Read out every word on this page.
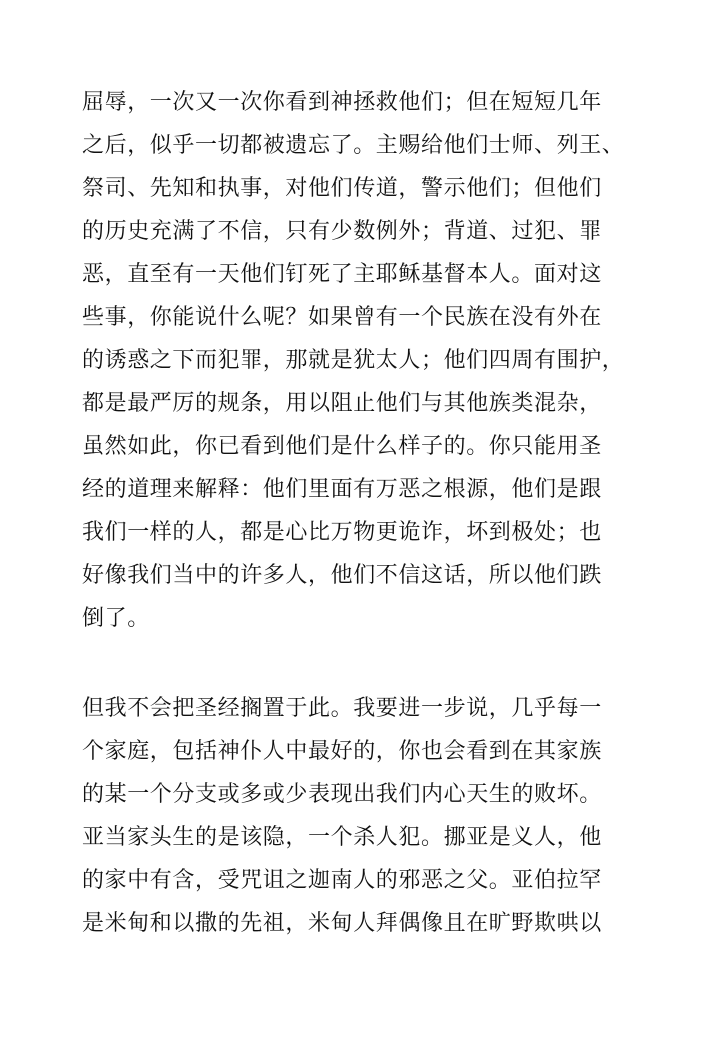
屈辱，一次又一次你看到神拯救他们；但在短短几年
之后，似乎一切都被遗忘了。主赐给他们士师、列王、
祭司、先知和执事，对他们传道，警示他们；但他们
的历史充满了不信，只有少数例外；背道、过犯、罪
恶，直至有一天他们钉死了主耶稣基督本人。面对这
些事，你能说什么呢？如果曾有一个民族在没有外在
的诱惑之下而犯罪，那就是犹太人；他们四周有围护，
都是最严厉的规条，用以阻止他们与其他族类混杂，
虽然如此，你已看到他们是什么样子的。你只能用圣
经的道理来解释：他们里面有万恶之根源，他们是跟
我们一样的人，都是心比万物更诡诈，坏到极处；也
好像我们当中的许多人，他们不信这话，所以他们跌
倒了。
但我不会把圣经搁置于此。我要进一步说，几乎每一
个家庭，包括神仆人中最好的，你也会看到在其家族
的某一个分支或多或少表现出我们内心天生的败坏。
亚当家头生的是该隐，一个杀人犯。挪亚是义人，他
的家中有含，受咒诅之迦南人的邪恶之父。亚伯拉罕
是米甸和以撒的先祖，米甸人拜偶像且在旷野欺哄以
